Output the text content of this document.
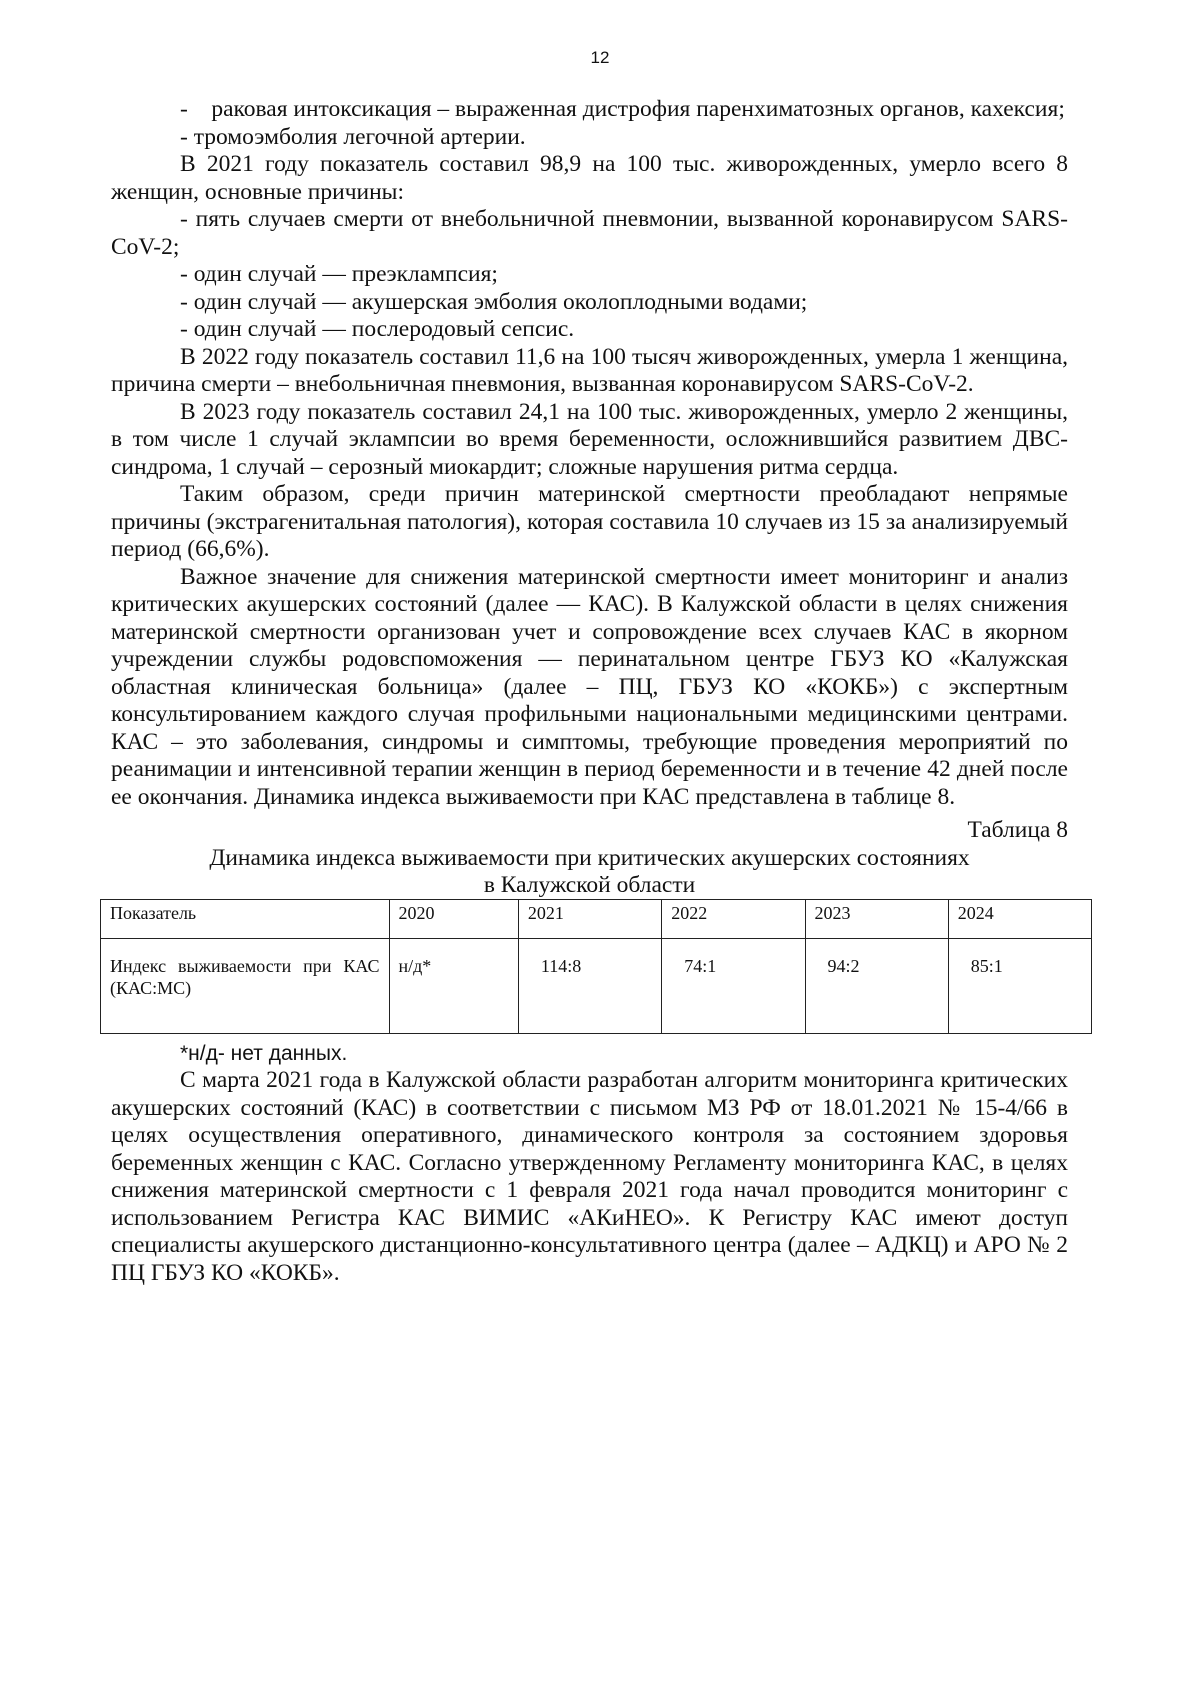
12

- раковая интоксикация – выраженная дистрофия паренхиматозных органов, кахексия;

- тромоэмболия легочной артерии.

В 2021 году показатель составил 98,9 на 100 тыс. живорожденных, умерло всего 8 женщин, основные причины:

- пять случаев смерти от внебольничной пневмонии, вызванной коронавирусом SARS-CoV-2;

- один случай — преэклампсия;

- один случай — акушерская эмболия околоплодными водами;

- один случай — послеродовый сепсис.

В 2022 году показатель составил 11,6 на 100 тысяч живорожденных, умерла 1 женщина, причина смерти – внебольничная пневмония, вызванная коронавирусом SARS-CoV-2.

В 2023 году показатель составил 24,1 на 100 тыс. живорожденных, умерло 2 женщины, в том числе 1 случай эклампсии во время беременности, осложнившийся развитием ДВС-синдрома, 1 случай – серозный миокардит; сложные нарушения ритма сердца.

Таким образом, среди причин материнской смертности преобладают непрямые причины (экстрагенитальная патология), которая составила 10 случаев из 15 за анализируемый период (66,6%).

Важное значение для снижения материнской смертности имеет мониторинг и анализ критических акушерских состояний (далее — КАС). В Калужской области в целях снижения материнской смертности организован учет и сопровождение всех случаев КАС в якорном учреждении службы родовспоможения — перинатальном центре ГБУЗ КО «Калужская областная клиническая больница» (далее – ПЦ, ГБУЗ КО «КОКБ») с экспертным консультированием каждого случая профильными национальными медицинскими центрами. КАС – это заболевания, синдромы и симптомы, требующие проведения мероприятий по реанимации и интенсивной терапии женщин в период беременности и в течение 42 дней после ее окончания. Динамика индекса выживаемости при КАС представлена в таблице 8.

Таблица 8

Динамика индекса выживаемости при критических акушерских состояниях

в Калужской области

Показатель	2020	2021	2022	2023	2024
Индекс выживаемости при КАС (КАС:МС)	н/д*	114:8	74:1	94:2	85:1

*н/д- нет данных.

С марта 2021 года в Калужской области разработан алгоритм мониторинга критических акушерских состояний (КАС) в соответствии с письмом МЗ РФ от 18.01.2021 № 15-4/66 в целях осуществления оперативного, динамического контроля за состоянием здоровья беременных женщин с КАС. Согласно утвержденному Регламенту мониторинга КАС, в целях снижения материнской смертности с 1 февраля 2021 года начал проводится мониторинг с использованием Регистра КАС ВИМИС «АКиНЕО». К Регистру КАС имеют доступ специалисты акушерского дистанционно-консультативного центра (далее – АДКЦ) и АРО № 2 ПЦ ГБУЗ КО «КОКБ».
